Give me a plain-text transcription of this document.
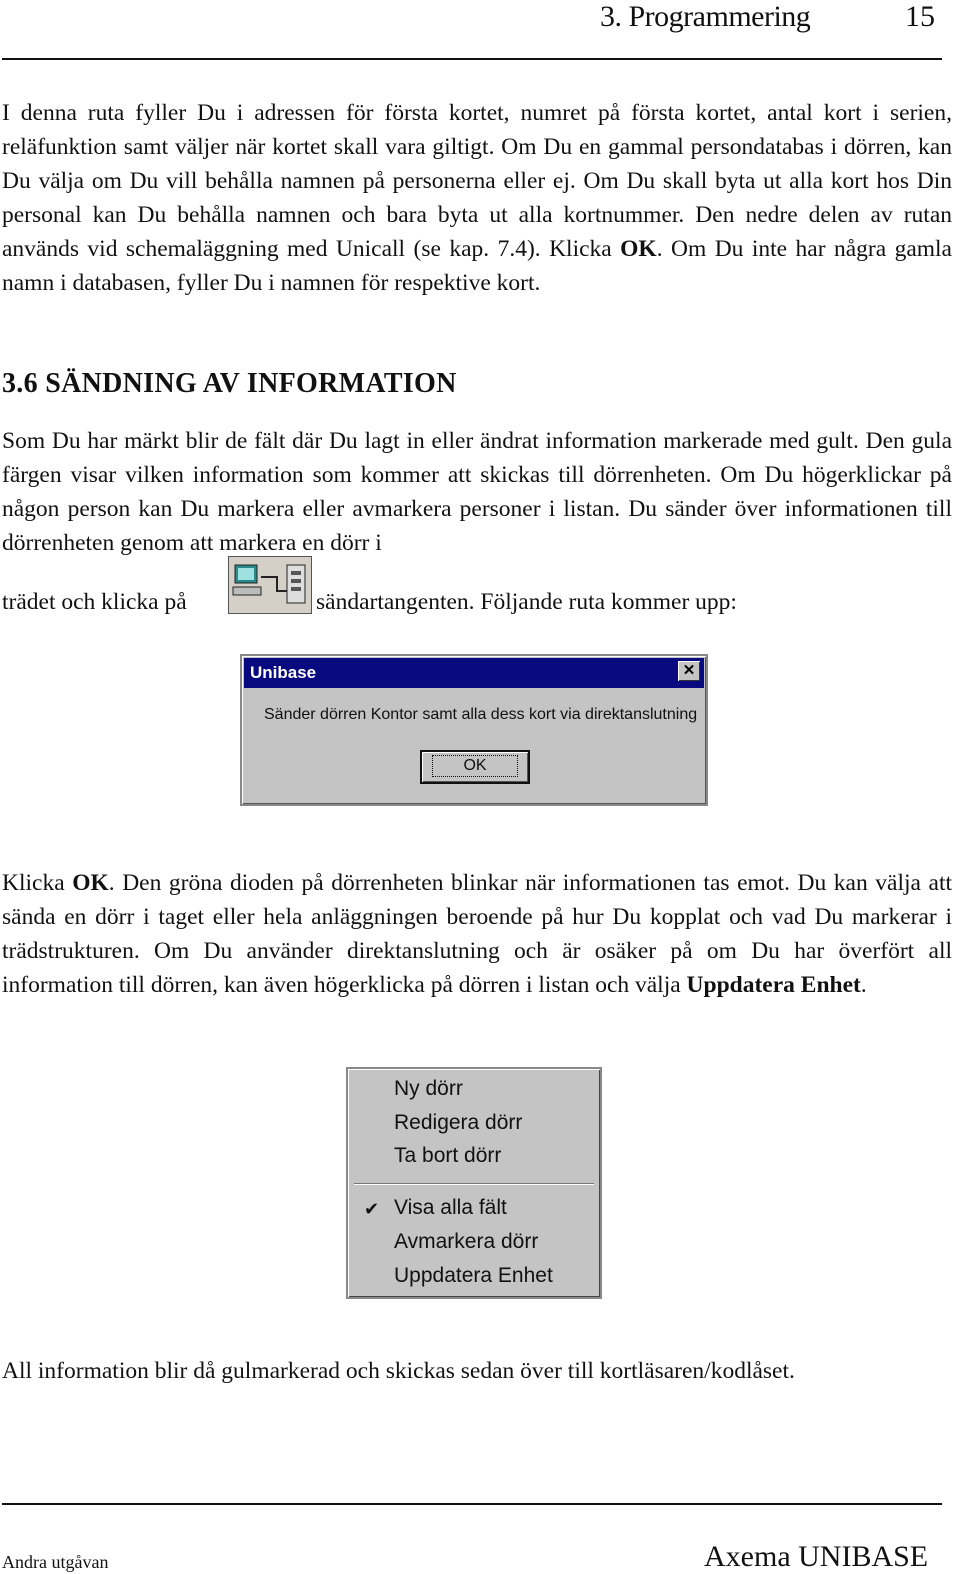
3. Programmering	15

I denna ruta fyller Du i adressen för första kortet, numret på första kortet, antal kort i serien, reläfunktion samt väljer när kortet skall vara giltigt. Om Du en gammal persondatabas i dörren, kan Du välja om Du vill behålla namnen på personerna eller ej. Om Du skall byta ut alla kort hos Din personal kan Du behålla namnen och bara byta ut alla kortnummer. Den nedre delen av rutan används vid schemaläggning med Unicall (se kap. 7.4). Klicka OK. Om Du inte har några gamla namn i databasen, fyller Du i namnen för respektive kort.

3.6 SÄNDNING AV INFORMATION

Som Du har märkt blir de fält där Du lagt in eller ändrat information markerade med gult. Den gula färgen visar vilken information som kommer att skickas till dörrenheten. Om Du högerklickar på någon person kan Du markera eller avmarkera personer i listan. Du sänder över informationen till dörrenheten genom att markera en dörr i

trädet och klicka på	sändartangenten. Följande ruta kommer upp:
Unibase	✕
Sänder dörren Kontor samt alla dess kort via direktanslutning
OK

Klicka OK. Den gröna dioden på dörrenheten blinkar när informationen tas emot. Du kan välja att sända en dörr i taget eller hela anläggningen beroende på hur Du kopplat och vad Du markerar i trädstrukturen. Om Du använder direktanslutning och är osäker på om Du har överfört all information till dörren, kan även högerklicka på dörren i listan och välja Uppdatera Enhet.

Ny dörr
Redigera dörr
Ta bort dörr
✔ Visa alla fält
Avmarkera dörr
Uppdatera Enhet

All information blir då gulmarkerad och skickas sedan över till kortläsaren/kodlåset.

Andra utgåvan	Axema UNIBASE
